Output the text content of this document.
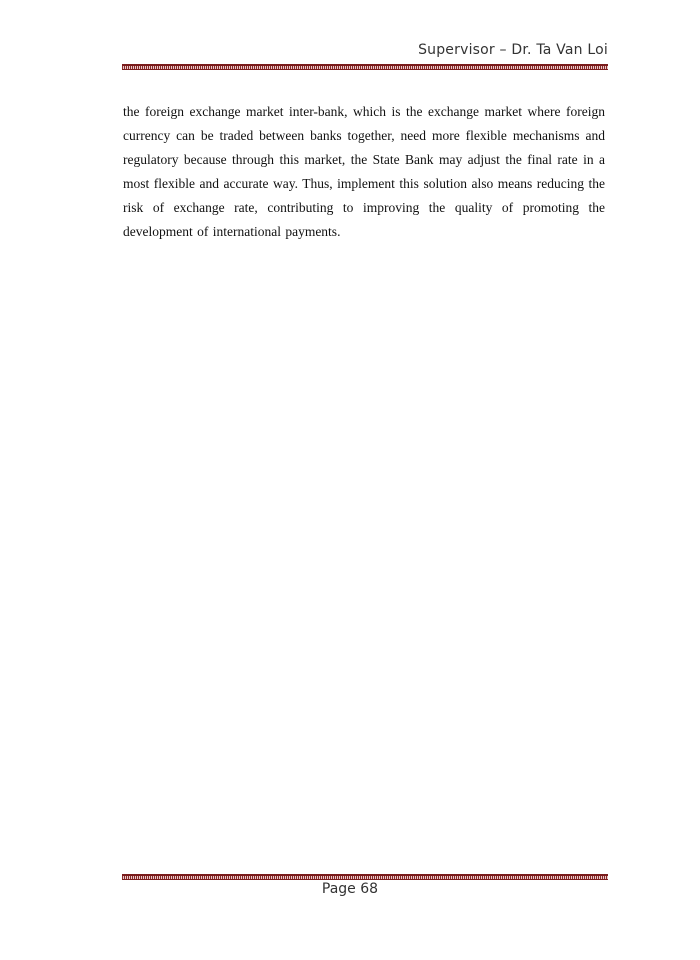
Supervisor – Dr. Ta Van Loi
the foreign exchange market inter-bank, which is the exchange market where foreign currency can be traded between banks together, need more flexible mechanisms and regulatory because through this market, the State Bank may adjust the final rate in a most flexible and accurate way. Thus, implement this solution also means reducing the risk of exchange rate, contributing to improving the quality of promoting the development of international payments.
Page 68
